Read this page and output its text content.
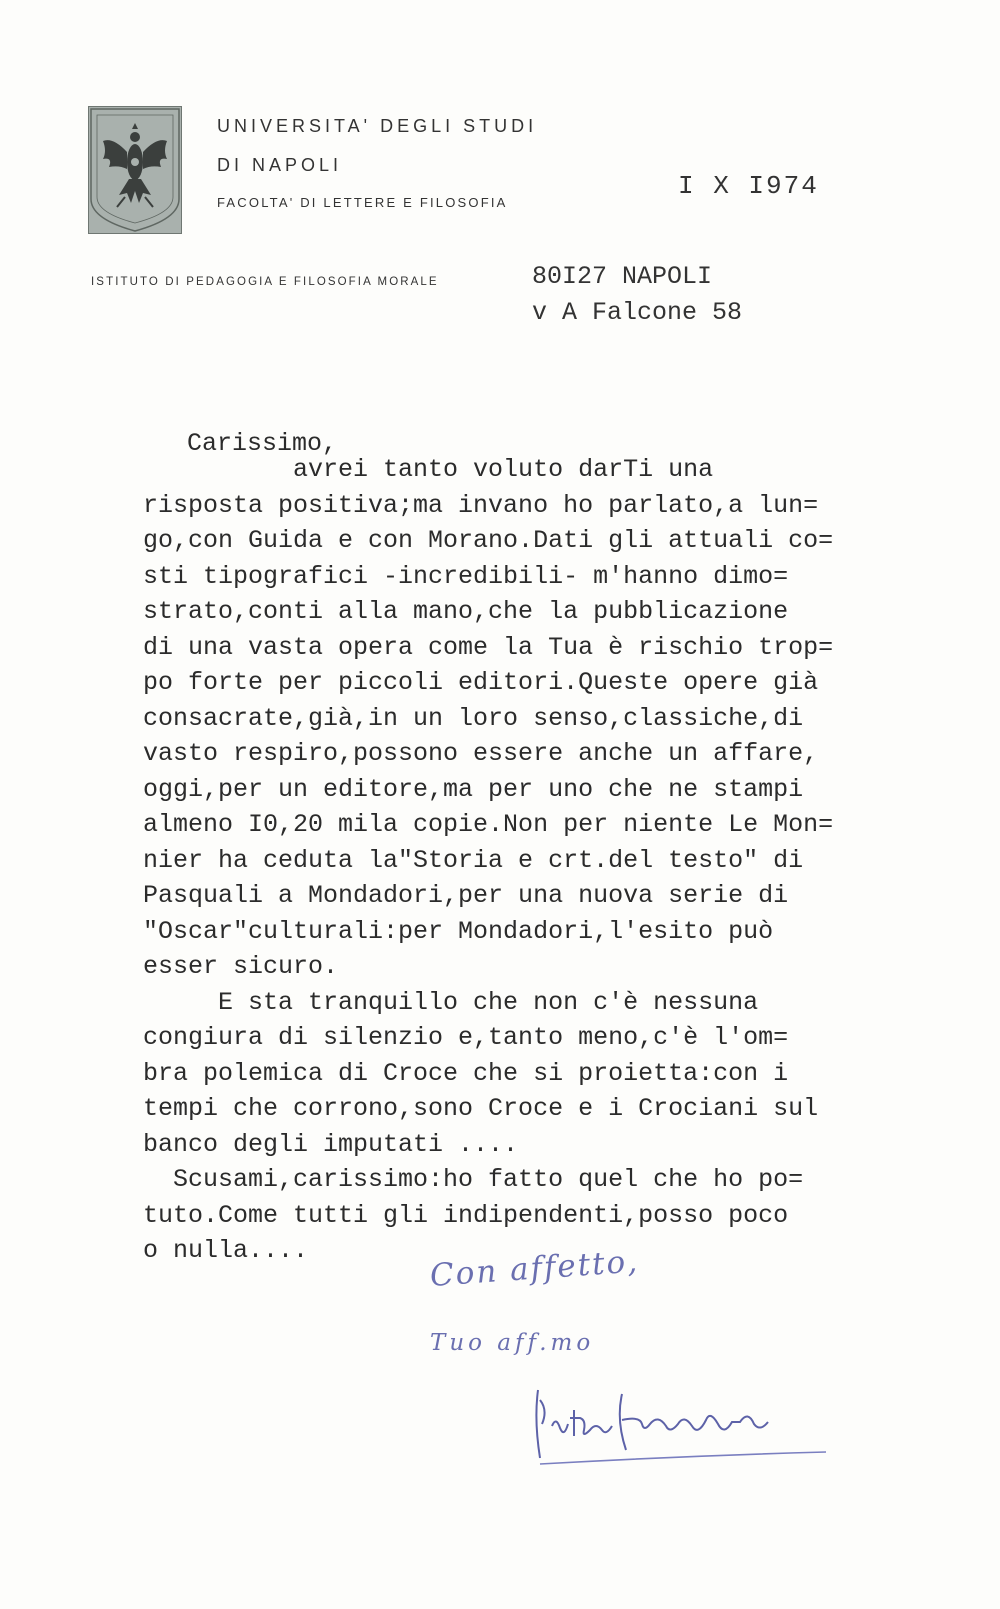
UNIVERSITA' DEGLI STUDI
DI NAPOLI
FACOLTA' DI LETTERE E FILOSOFIA
ISTITUTO DI PEDAGOGIA E FILOSOFIA MORALE
I X I974
80I27 NAPOLI
v A Falcone 58
Carissimo,
avrei tanto voluto darTi una
risposta positiva;ma invano ho parlato,a lun=
go,con Guida e con Morano.Dati gli attuali co=
sti tipografici -incredibili- m'hanno dimo=
strato,conti alla mano,che la pubblicazione
di una vasta opera come la Tua è rischio trop=
po forte per piccoli editori.Queste opere già
consacrate,già,in un loro senso,classiche,di
vasto respiro,possono essere anche un affare,
oggi,per un editore,ma per uno che ne stampi
almeno I0,20 mila copie.Non per niente Le Mon=
nier ha ceduta la"Storia e crt.del testo" di
Pasquali a Mondadori,per una nuova serie di
"Oscar"culturali:per Mondadori,l'esito può
esser sicuro.
E sta tranquillo che non c'è nessuna
congiura di silenzio e,tanto meno,c'è l'om=
bra polemica di Croce che si proietta:con i
tempi che corrono,sono Croce e i Crociani sul
banco degli imputati ....
Scusami,carissimo:ho fatto quel che ho po=
tuto.Come tutti gli indipendenti,posso poco
o nulla....	Con affetto,
Tuo aff.mo
